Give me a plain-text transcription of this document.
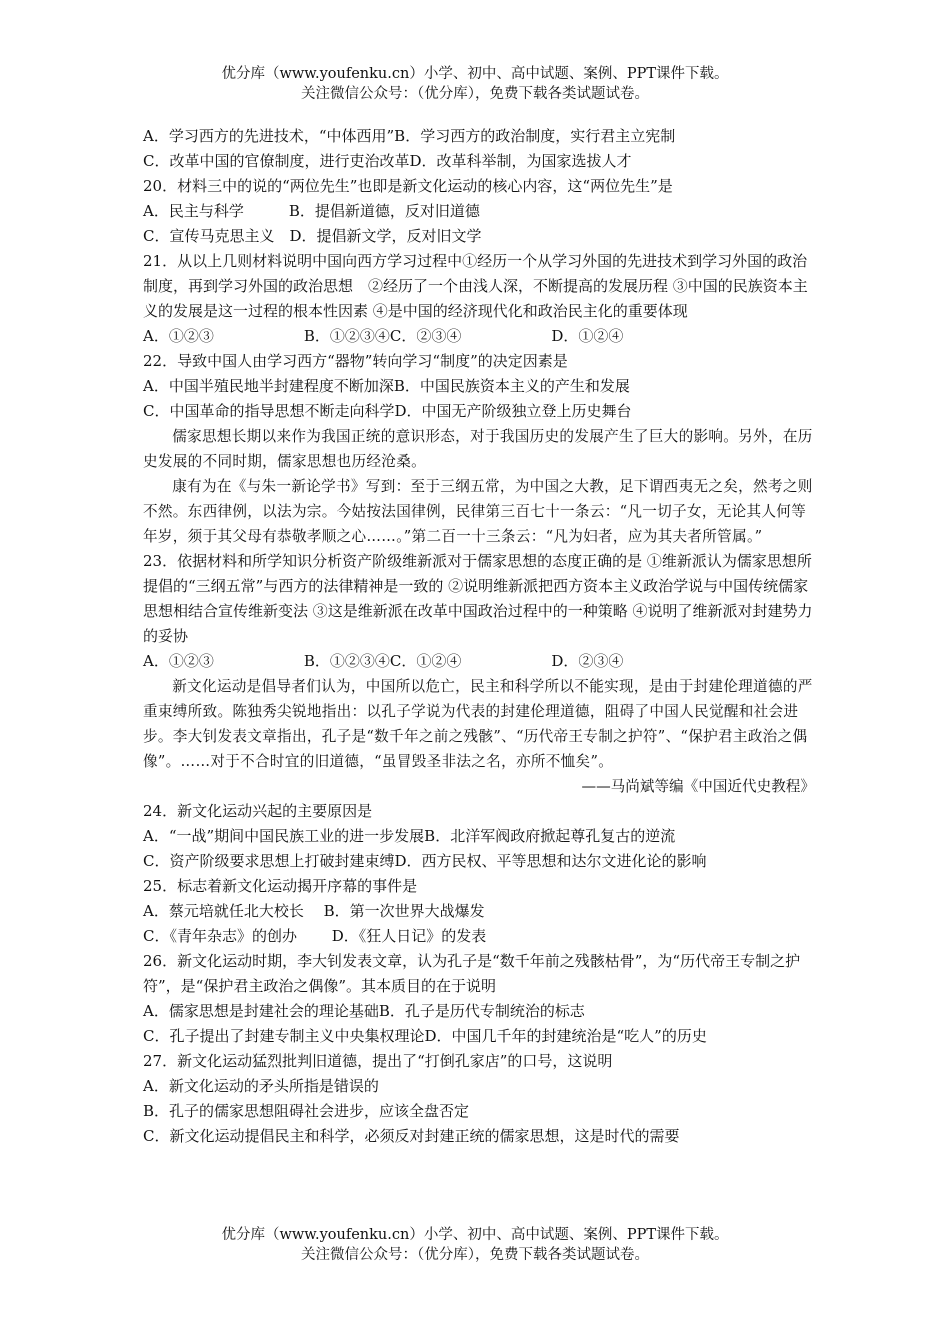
优分库（www.youfenku.cn）小学、初中、高中试题、案例、PPT课件下载。
关注微信公众号：（优分库），免费下载各类试题试卷。

A．学习西方的先进技术，“中体西用”B．学习西方的政治制度，实行君主立宪制

C．改革中国的官僚制度，进行吏治改革D．改革科举制，为国家选拔人才

20．材料三中的说的“两位先生”也即是新文化运动的核心内容，这“两位先生”是

A．民主与科学　　　B．提倡新道德，反对旧道德

C．宣传马克思主义　D．提倡新文学，反对旧文学

21．从以上几则材料说明中国向西方学习过程中①经历一个从学习外国的先进技术到学习外国的政治制度，再到学习外国的政治思想　②经历了一个由浅人深，不断提高的发展历程 ③中国的民族资本主义的发展是这一过程的根本性因素 ④是中国的经济现代化和政治民主化的重要体现

A．①②③　　　　　　B．①②③④C．②③④　　　　　　D．①②④

22．导致中国人由学习西方“器物”转向学习“制度”的决定因素是

A．中国半殖民地半封建程度不断加深B．中国民族资本主义的产生和发展

C．中国革命的指导思想不断走向科学D．中国无产阶级独立登上历史舞台

儒家思想长期以来作为我国正统的意识形态，对于我国历史的发展产生了巨大的影响。另外，在历史发展的不同时期，儒家思想也历经沧桑。

康有为在《与朱一新论学书》写到：至于三纲五常，为中国之大教，足下谓西夷无之矣，然考之则不然。东西律例，以法为宗。今姑按法国律例，民律第三百七十一条云：“凡一切子女，无论其人何等年岁，须于其父母有恭敬孝顺之心……。”第二百一十三条云：“凡为妇者，应为其夫者所管属。”

23．依据材料和所学知识分析资产阶级维新派对于儒家思想的态度正确的是 ①维新派认为儒家思想所提倡的“三纲五常”与西方的法律精神是一致的 ②说明维新派把西方资本主义政治学说与中国传统儒家思想相结合宣传维新变法 ③这是维新派在改革中国政治过程中的一种策略 ④说明了维新派对封建势力的妥协

A．①②③　　　　　　B．①②③④C．①②④　　　　　　D．②③④

新文化运动是倡导者们认为，中国所以危亡，民主和科学所以不能实现，是由于封建伦理道德的严重束缚所致。陈独秀尖锐地指出：以孔子学说为代表的封建伦理道德，阻碍了中国人民觉醒和社会进步。李大钊发表文章指出，孔子是“数千年之前之残骸”、“历代帝王专制之护符”、“保护君主政治之偶像”。……对于不合时宜的旧道德，“虽冒毁圣非法之名，亦所不恤矣”。

——马尚斌等编《中国近代史教程》

24．新文化运动兴起的主要原因是

A．“一战”期间中国民族工业的进一步发展B．北洋军阀政府掀起尊孔复古的逆流

C．资产阶级要求思想上打破封建束缚D．西方民权、平等思想和达尔文进化论的影响

25．标志着新文化运动揭开序幕的事件是

A．蔡元培就任北大校长　 B．第一次世界大战爆发

C．《青年杂志》的创办　　 D．《狂人日记》的发表

26．新文化运动时期，李大钊发表文章，认为孔子是“数千年前之残骸枯骨”，为“历代帝王专制之护符”，是“保护君主政治之偶像”。其本质目的在于说明

A．儒家思想是封建社会的理论基础B．孔子是历代专制统治的标志

C．孔子提出了封建专制主义中央集权理论D．中国几千年的封建统治是“吃人”的历史

27．新文化运动猛烈批判旧道德，提出了“打倒孔家店”的口号，这说明

A．新文化运动的矛头所指是错误的

B．孔子的儒家思想阻碍社会进步，应该全盘否定

C．新文化运动提倡民主和科学，必须反对封建正统的儒家思想，这是时代的需要

优分库（www.youfenku.cn）小学、初中、高中试题、案例、PPT课件下载。
关注微信公众号：（优分库），免费下载各类试题试卷。
